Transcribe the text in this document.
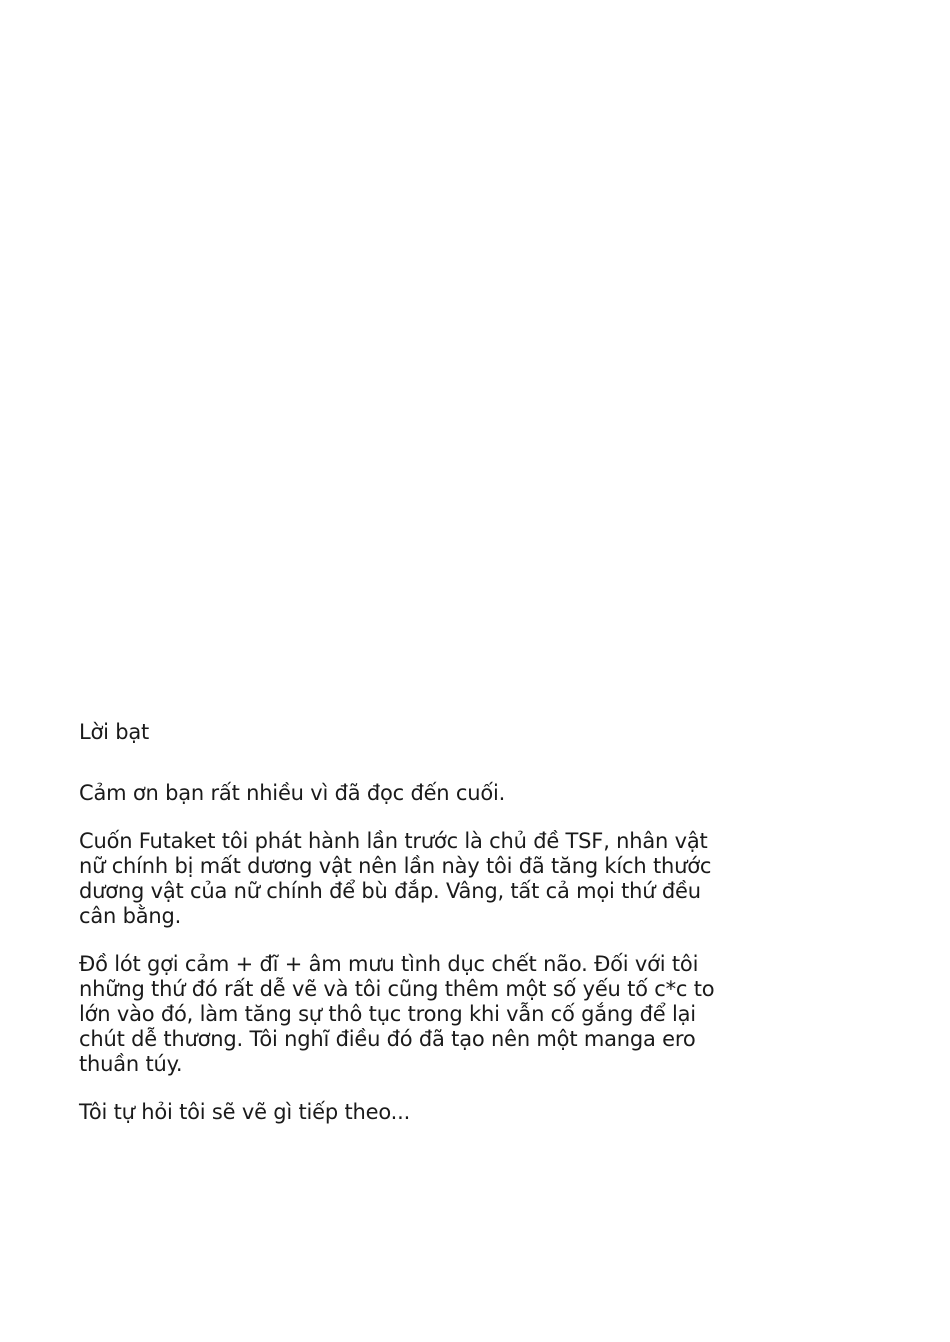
Lời bạt

Cảm ơn bạn rất nhiều vì đã đọc đến cuối.

Cuốn Futaket tôi phát hành lần trước là chủ đề TSF, nhân vật
nữ chính bị mất dương vật nên lần này tôi đã tăng kích thước
dương vật của nữ chính để bù đắp. Vâng, tất cả mọi thứ đều
cân bằng.

Đồ lót gợi cảm + đĩ + âm mưu tình dục chết não. Đối với tôi
những thứ đó rất dễ vẽ và tôi cũng thêm một số yếu tố c*c to
lớn vào đó, làm tăng sự thô tục trong khi vẫn cố gắng để lại
chút dễ thương. Tôi nghĩ điều đó đã tạo nên một manga ero
thuần túy.

Tôi tự hỏi tôi sẽ vẽ gì tiếp theo...
